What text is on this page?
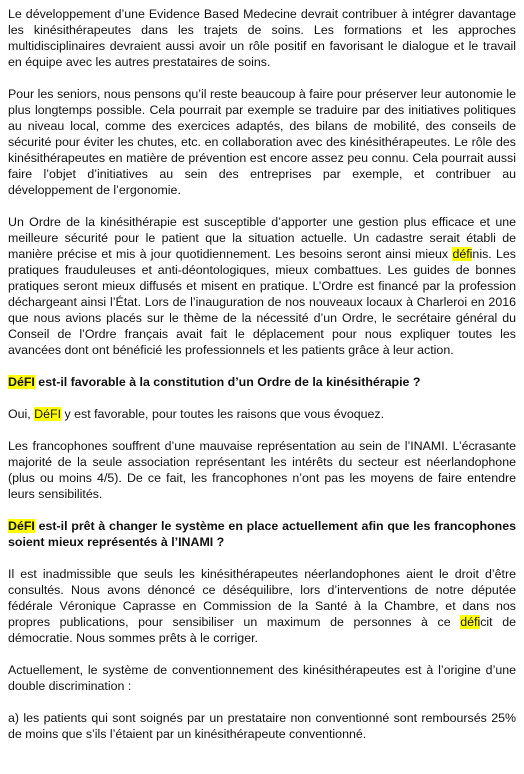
Le développement d’une Evidence Based Medecine devrait contribuer à intégrer davantage les kinésithérapeutes dans les trajets de soins. Les formations et les approches multidisciplinaires devraient aussi avoir un rôle positif en favorisant le dialogue et le travail en équipe avec les autres prestataires de soins.

Pour les seniors, nous pensons qu’il reste beaucoup à faire pour préserver leur autonomie le plus longtemps possible. Cela pourrait par exemple se traduire par des initiatives politiques au niveau local, comme des exercices adaptés, des bilans de mobilité, des conseils de sécurité pour éviter les chutes, etc. en collaboration avec des kinésithérapeutes. Le rôle des kinésithérapeutes en matière de prévention est encore assez peu connu. Cela pourrait aussi faire l’objet d’initiatives au sein des entreprises par exemple, et contribuer au développement de l’ergonomie.

Un Ordre de la kinésithérapie est susceptible d’apporter une gestion plus efficace et une meilleure sécurité pour le patient que la situation actuelle. Un cadastre serait établi de manière précise et mis à jour quotidiennement. Les besoins seront ainsi mieux définis. Les pratiques frauduleuses et anti-déontologiques, mieux combattues. Les guides de bonnes pratiques seront mieux diffusés et misent en pratique. L’Ordre est financé par la profession déchargeant ainsi l’État. Lors de l’inauguration de nos nouveaux locaux à Charleroi en 2016 que nous avions placés sur le thème de la nécessité d’un Ordre, le secrétaire général du Conseil de l’Ordre français avait fait le déplacement pour nous expliquer toutes les avancées dont ont bénéficié les professionnels et les patients grâce à leur action.

DéFI est-il favorable à la constitution d’un Ordre de la kinésithérapie ?

Oui, DéFI y est favorable, pour toutes les raisons que vous évoquez.

Les francophones souffrent d’une mauvaise représentation au sein de l’INAMI. L’écrasante majorité de la seule association représentant les intérêts du secteur est néerlandophone (plus ou moins 4/5). De ce fait, les francophones n’ont pas les moyens de faire entendre leurs sensibilités.

DéFI est-il prêt à changer le système en place actuellement afin que les francophones soient mieux représentés à l’INAMI ?

Il est inadmissible que seuls les kinésithérapeutes néerlandophones aient le droit d’être consultés. Nous avons dénoncé ce déséquilibre, lors d’interventions de notre députée fédérale Véronique Caprasse en Commission de la Santé à la Chambre, et dans nos propres publications, pour sensibiliser un maximum de personnes à ce déficit de démocratie. Nous sommes prêts à le corriger.

Actuellement, le système de conventionnement des kinésithérapeutes est à l’origine d’une double discrimination :

a) les patients qui sont soignés par un prestataire non conventionné sont remboursés 25% de moins que s’ils l’étaient par un kinésithérapeute conventionné.
